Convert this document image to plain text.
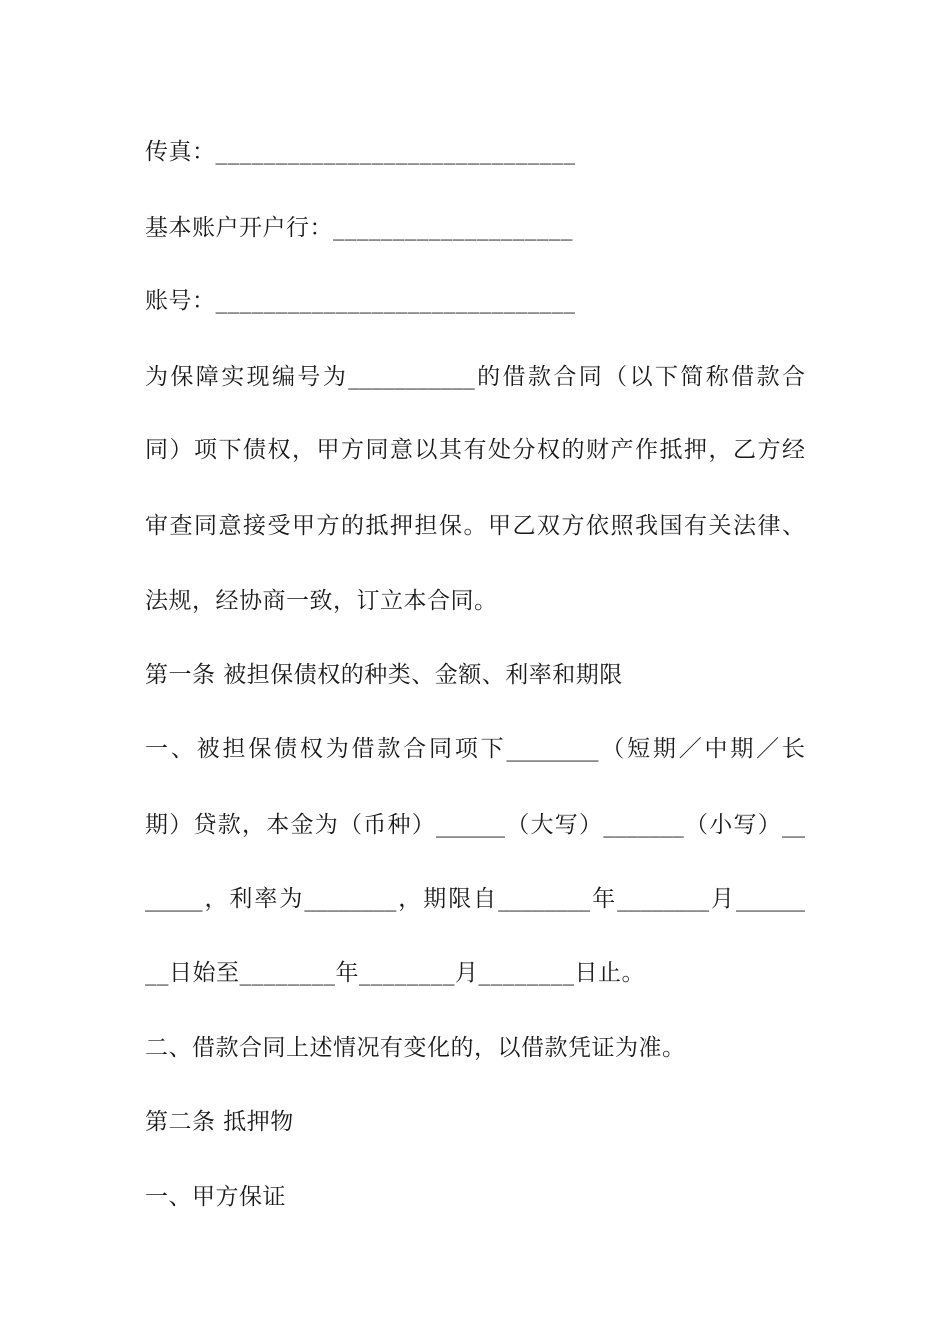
传真：______________________________
基本账户开户行：____________________
账号：______________________________
为保障实现编号为___________的借款合同（以下简称借款合
同）项下债权，甲方同意以其有处分权的财产作抵押，乙方经
审查同意接受甲方的抵押担保。甲乙双方依照我国有关法律、
法规，经协商一致，订立本合同。
第一条 被担保债权的种类、金额、利率和期限
一、被担保债权为借款合同项下________（短期／中期／长
期）贷款，本金为（币种）______（大写）_______（小写）__
_____，利率为________，期限自________年________月______
__日始至________年________月________日止。
二、借款合同上述情况有变化的，以借款凭证为准。
第二条 抵押物
一、甲方保证
